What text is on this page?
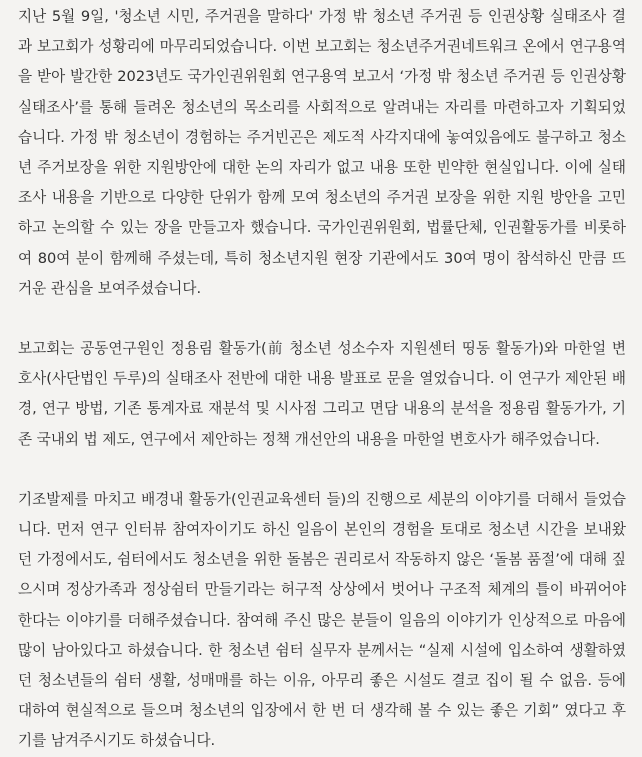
지난 5월 9일, '청소년 시민, 주거권을 말하다' 가정 밖 청소년 주거권 등 인권상황 실태조사 결과 보고회가 성황리에 마무리되었습니다. 이번 보고회는 청소년주거권네트워크 온에서 연구용역을 받아 발간한 2023년도 국가인권위원회 연구용역 보고서 ‘가정 밖 청소년 주거권 등 인권상황 실태조사’를 통해 들려온 청소년의 목소리를 사회적으로 알려내는 자리를 마련하고자 기획되었습니다. 가정 밖 청소년이 경험하는 주거빈곤은 제도적 사각지대에 놓여있음에도 불구하고 청소년 주거보장을 위한 지원방안에 대한 논의 자리가 없고 내용 또한 빈약한 현실입니다. 이에 실태조사 내용을 기반으로 다양한 단위가 함께 모여 청소년의 주거권 보장을 위한 지원 방안을 고민하고 논의할 수 있는 장을 만들고자 했습니다. 국가인권위원회, 법률단체, 인권활동가를 비롯하여 80여 분이 함께해 주셨는데, 특히 청소년지원 현장 기관에서도 30여 명이 참석하신 만큼 뜨거운 관심을 보여주셨습니다.

보고회는 공동연구원인 정용림 활동가(前 청소년 성소수자 지원센터 띵동 활동가)와 마한얼 변호사(사단법인 두루)의 실태조사 전반에 대한 내용 발표로 문을 열었습니다. 이 연구가 제안된 배경, 연구 방법, 기존 통계자료 재분석 및 시사점 그리고 면담 내용의 분석을 정용림 활동가가, 기존 국내외 법 제도, 연구에서 제안하는 정책 개선안의 내용을 마한얼 변호사가 해주었습니다.

기조발제를 마치고 배경내 활동가(인권교육센터 들)의 진행으로 세분의 이야기를 더해서 들었습니다. 먼저 연구 인터뷰 참여자이기도 하신 일음이 본인의 경험을 토대로 청소년 시간을 보내왔던 가정에서도, 쉼터에서도 청소년을 위한 돌봄은 권리로서 작동하지 않은 ‘돌봄 품절’에 대해 짚으시며 정상가족과 정상쉼터 만들기라는 허구적 상상에서 벗어나 구조적 체계의 틀이 바뀌어야 한다는 이야기를 더해주셨습니다. 참여해 주신 많은 분들이 일음의 이야기가 인상적으로 마음에 많이 남아있다고 하셨습니다. 한 청소년 쉼터 실무자 분께서는 “실제 시설에 입소하여 생활하였던 청소년들의 쉼터 생활, 성매매를 하는 이유, 아무리 좋은 시설도 결코 집이 될 수 없음. 등에 대하여 현실적으로 들으며 청소년의 입장에서 한 번 더 생각해 볼 수 있는 좋은 기회” 였다고 후기를 남겨주시기도 하셨습니다.
